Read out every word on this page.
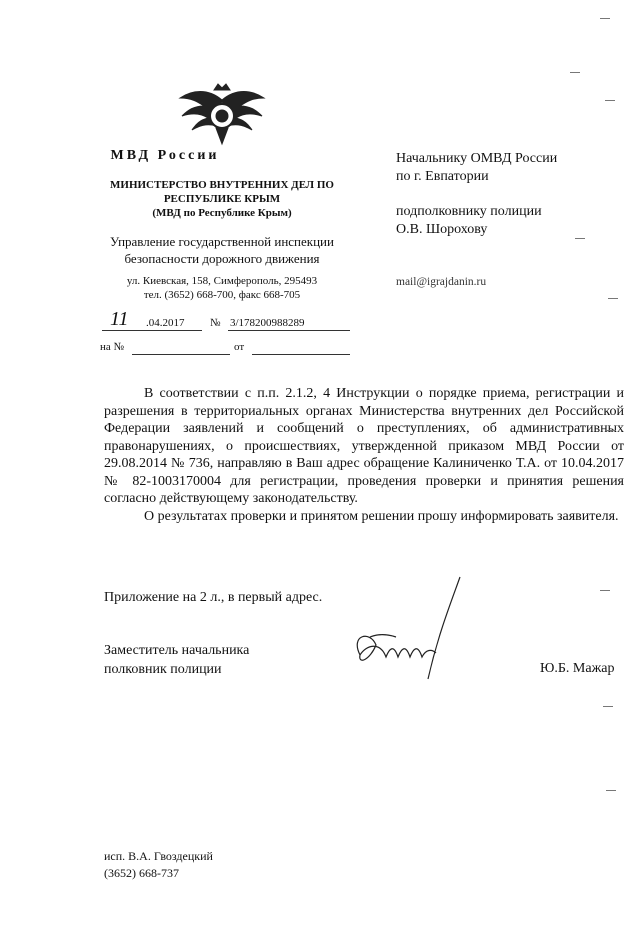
МВД России
МИНИСТЕРСТВО ВНУТРЕННИХ ДЕЛ ПО
РЕСПУБЛИКЕ КРЫМ
(МВД по Республике Крым)
Управление государственной инспекции
безопасности дорожного движения
ул. Киевская, 158, Симферополь, 295493
тел. (3652) 668-700, факс 668-705
11 .04.2017 № 3/178200988289
на №	от
Начальнику ОМВД России
по г. Евпатории
подполковнику полиции
О.В. Шорохову
mail@igrajdanin.ru

В соответствии с п.п. 2.1.2, 4 Инструкции о порядке приема, регистрации и разрешения в территориальных органах Министерства внутренних дел Российской Федерации заявлений и сообщений о преступлениях, об административных правонарушениях, о происшествиях, утвержденной приказом МВД России от 29.08.2014 № 736, направляю в Ваш адрес обращение Калиниченко Т.А. от 10.04.2017 № 82-1003170004 для регистрации, проведения проверки и принятия решения согласно действующему законодательству.

О результатах проверки и принятом решении прошу информировать заявителя.

Приложение на 2 л., в первый адрес.
Заместитель начальника
полковник полиции	Ю.Б. Мажар
исп. В.А. Гвоздецкий
(3652) 668-737
